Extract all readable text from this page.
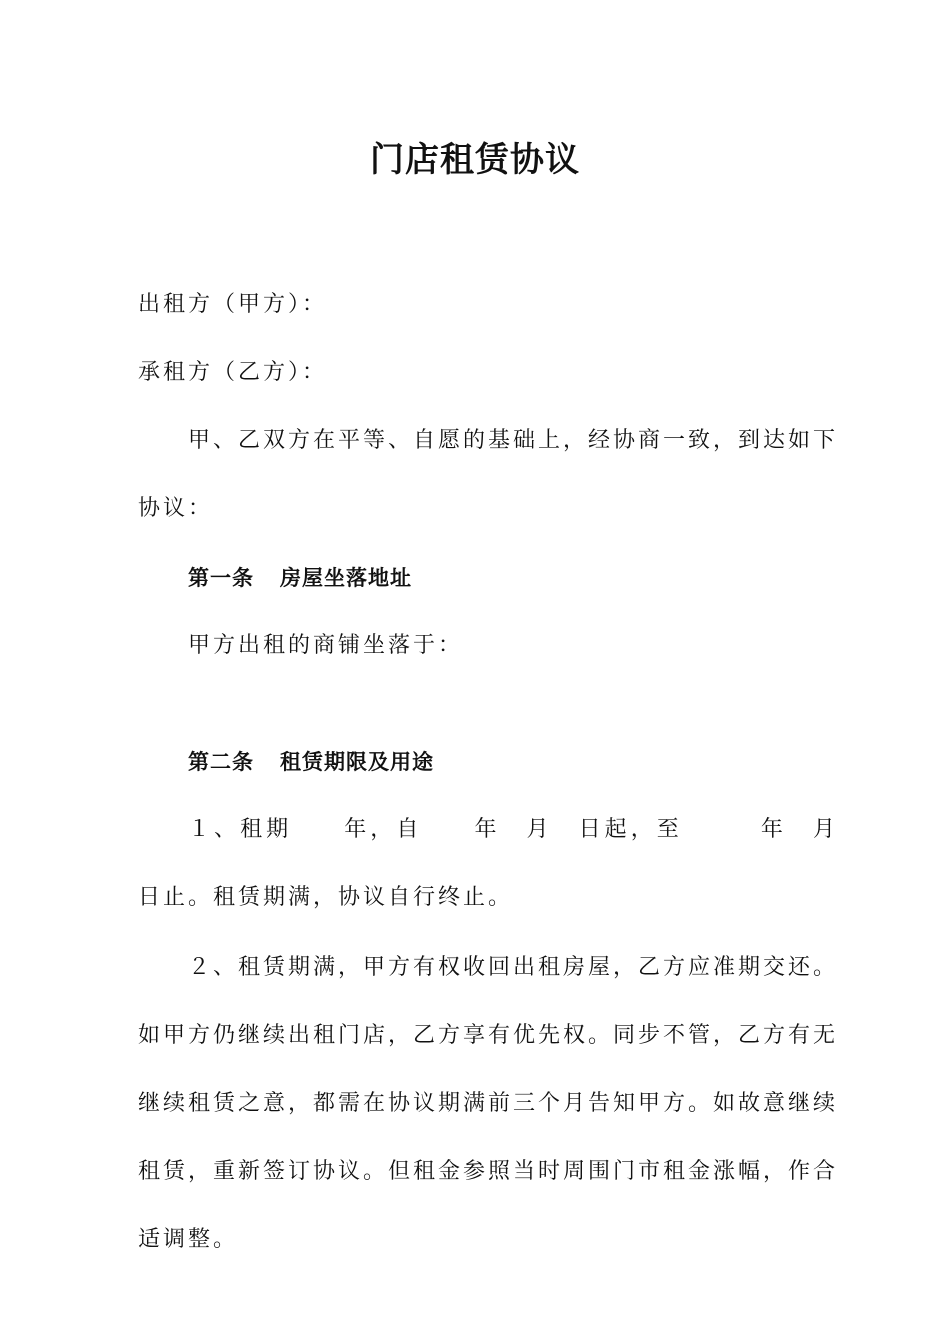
门店租赁协议
出租方（甲方）：
承租方（乙方）：
甲、乙双方在平等、自愿的基础上，经协商一致，到达如下
协议：
第一条 房屋坐落地址
甲方出租的商铺坐落于：
第二条 租赁期限及用途
１、租期　　年，自　　年　月　日起，至　　　年　月
日止。租赁期满，协议自行终止。
２、租赁期满，甲方有权收回出租房屋，乙方应准期交还。
如甲方仍继续出租门店，乙方享有优先权。同步不管，乙方有无
继续租赁之意，都需在协议期满前三个月告知甲方。如故意继续
租赁，重新签订协议。但租金参照当时周围门市租金涨幅，作合
适调整。
